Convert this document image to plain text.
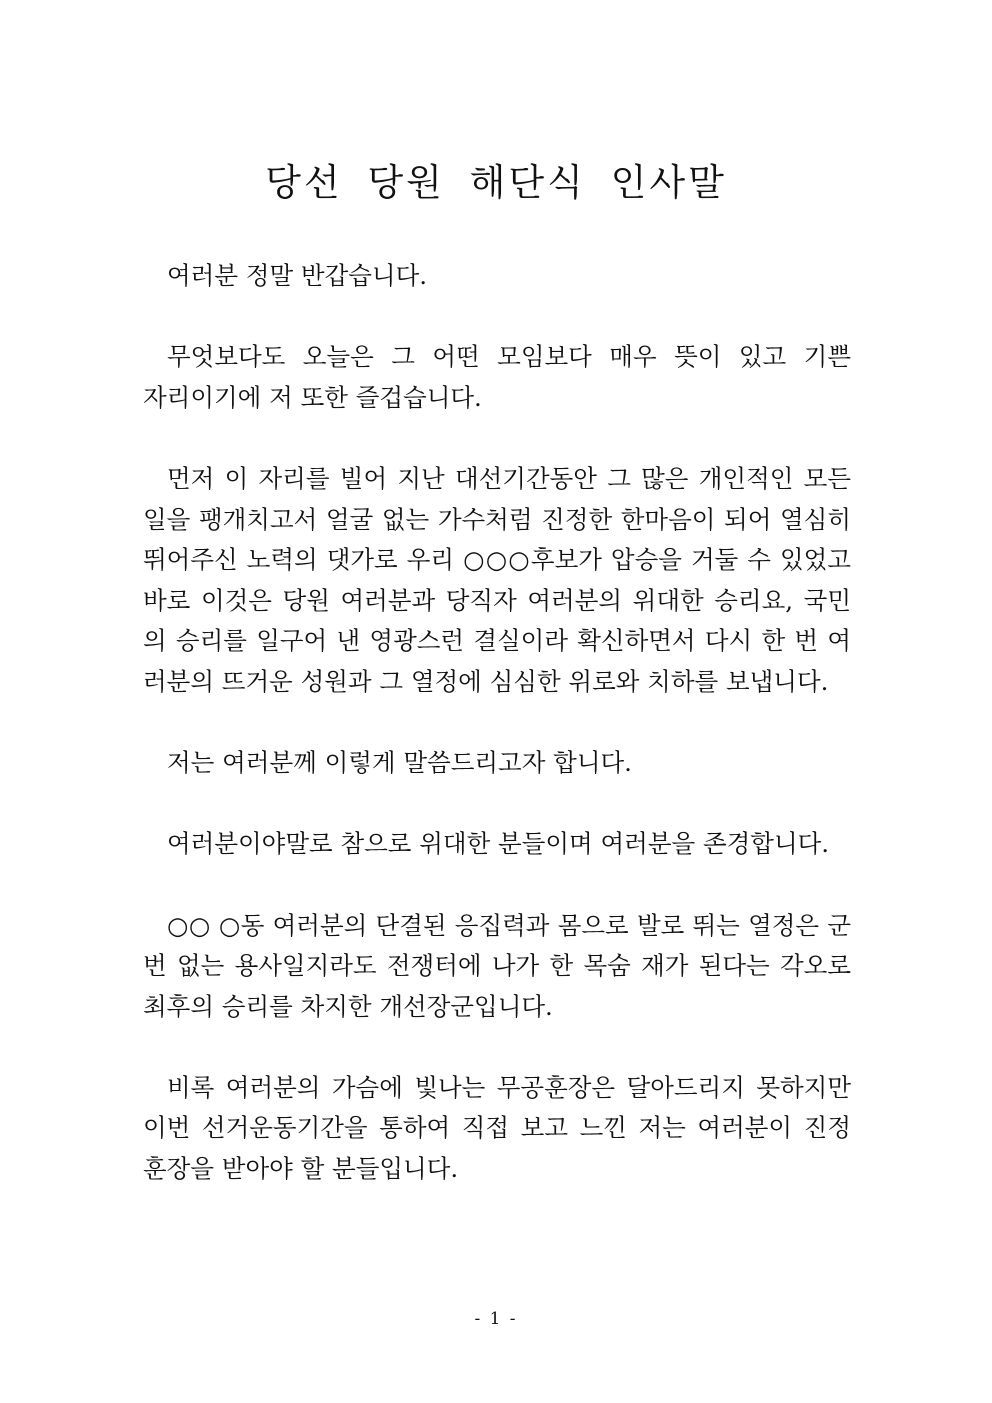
당선 당원 해단식 인사말

여러분 정말 반갑습니다.

무엇보다도 오늘은 그 어떤 모임보다 매우 뜻이 있고 기쁜 자리이기에 저 또한 즐겁습니다.

먼저 이 자리를 빌어 지난 대선기간동안 그 많은 개인적인 모든 일을 팽개치고서 얼굴 없는 가수처럼 진정한 한마음이 되어 열심히 뛰어주신 노력의 댓가로 우리 ○○○후보가 압승을 거둘 수 있었고 바로 이것은 당원 여러분과 당직자 여러분의 위대한 승리요, 국민의 승리를 일구어 낸 영광스런 결실이라 확신하면서 다시 한 번 여러분의 뜨거운 성원과 그 열정에 심심한 위로와 치하를 보냅니다.

저는 여러분께 이렇게 말씀드리고자 합니다.

여러분이야말로 참으로 위대한 분들이며 여러분을 존경합니다.

○○ ○동 여러분의 단결된 응집력과 몸으로 발로 뛰는 열정은 군번 없는 용사일지라도 전쟁터에 나가 한 목숨 재가 된다는 각오로 최후의 승리를 차지한 개선장군입니다.

비록 여러분의 가슴에 빛나는 무공훈장은 달아드리지 못하지만 이번 선거운동기간을 통하여 직접 보고 느낀 저는 여러분이 진정 훈장을 받아야 할 분들입니다.

- 1 -
